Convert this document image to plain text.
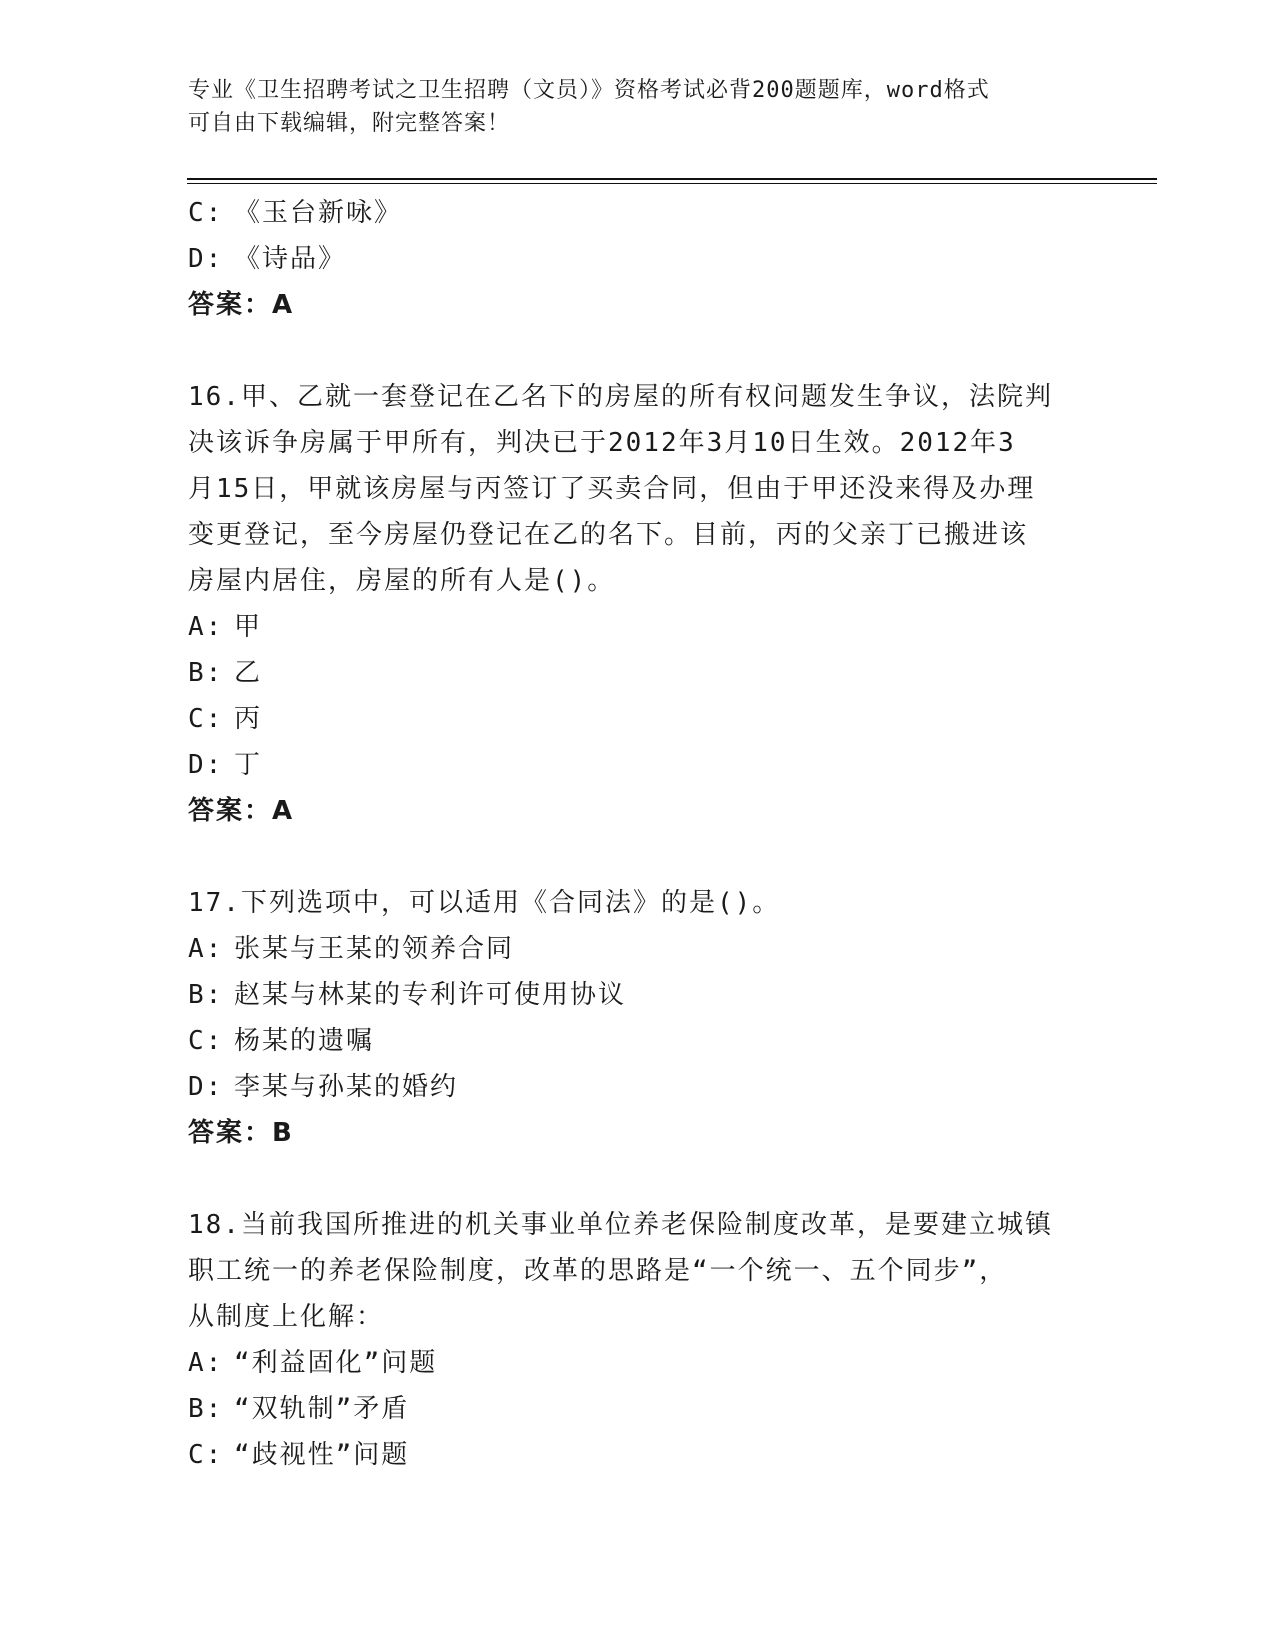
专业《卫生招聘考试之卫生招聘（文员）》资格考试必背200题题库，word格式
可自由下载编辑，附完整答案！
C: 《玉台新咏》
D: 《诗品》
答案：A
16.甲、乙就一套登记在乙名下的房屋的所有权问题发生争议，法院判
决该诉争房属于甲所有，判决已于2012年3月10日生效。2012年3
月15日，甲就该房屋与丙签订了买卖合同，但由于甲还没来得及办理
变更登记，至今房屋仍登记在乙的名下。目前，丙的父亲丁已搬进该
房屋内居住，房屋的所有人是()。
A: 甲
B: 乙
C: 丙
D: 丁
答案：A
17.下列选项中，可以适用《合同法》的是()。
A: 张某与王某的领养合同
B: 赵某与林某的专利许可使用协议
C: 杨某的遗嘱
D: 李某与孙某的婚约
答案：B
18.当前我国所推进的机关事业单位养老保险制度改革，是要建立城镇
职工统一的养老保险制度，改革的思路是“一个统一、五个同步”，
从制度上化解：
A: “利益固化”问题
B: “双轨制”矛盾
C: “歧视性”问题
